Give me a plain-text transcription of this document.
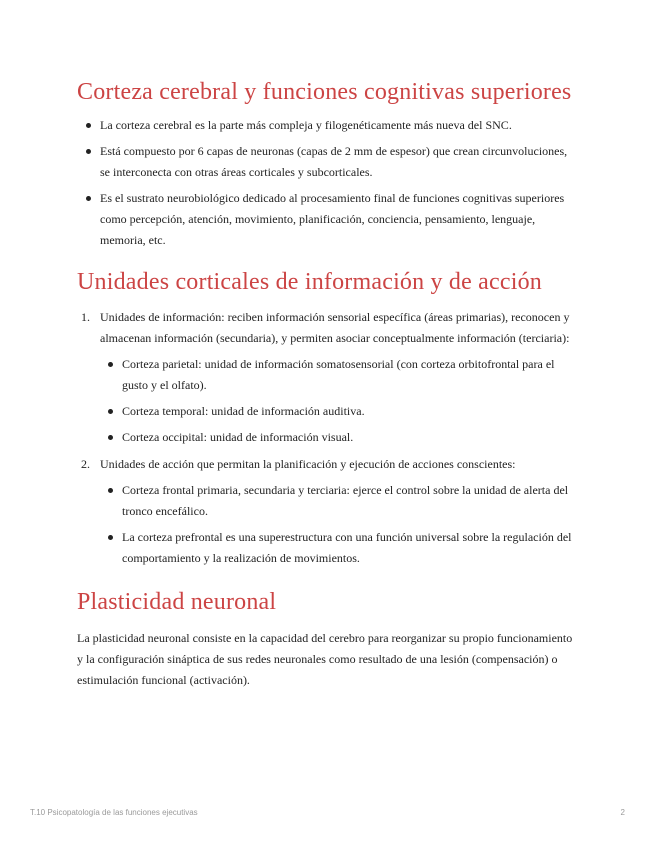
Corteza cerebral y funciones cognitivas superiores
La corteza cerebral es la parte más compleja y filogenéticamente más nueva del SNC.
Está compuesto por 6 capas de neuronas (capas de 2 mm de espesor) que crean circunvoluciones, se interconecta con otras áreas corticales y subcorticales.
Es el sustrato neurobiológico dedicado al procesamiento final de funciones cognitivas superiores como percepción, atención, movimiento, planificación, conciencia, pensamiento, lenguaje, memoria, etc.
Unidades corticales de información y de acción
1. Unidades de información: reciben información sensorial específica (áreas primarias), reconocen y almacenan información (secundaria), y permiten asociar conceptualmente información (terciaria):
Corteza parietal: unidad de información somatosensorial (con corteza orbitofrontal para el gusto y el olfato).
Corteza temporal: unidad de información auditiva.
Corteza occipital: unidad de información visual.
2. Unidades de acción que permitan la planificación y ejecución de acciones conscientes:
Corteza frontal primaria, secundaria y terciaria: ejerce el control sobre la unidad de alerta del tronco encefálico.
La corteza prefrontal es una superestructura con una función universal sobre la regulación del comportamiento y la realización de movimientos.
Plasticidad neuronal

La plasticidad neuronal consiste en la capacidad del cerebro para reorganizar su propio funcionamiento y la configuración sináptica de sus redes neuronales como resultado de una lesión (compensación) o estimulación funcional (activación).

T.10 Psicopatología de las funciones ejecutivas	2
